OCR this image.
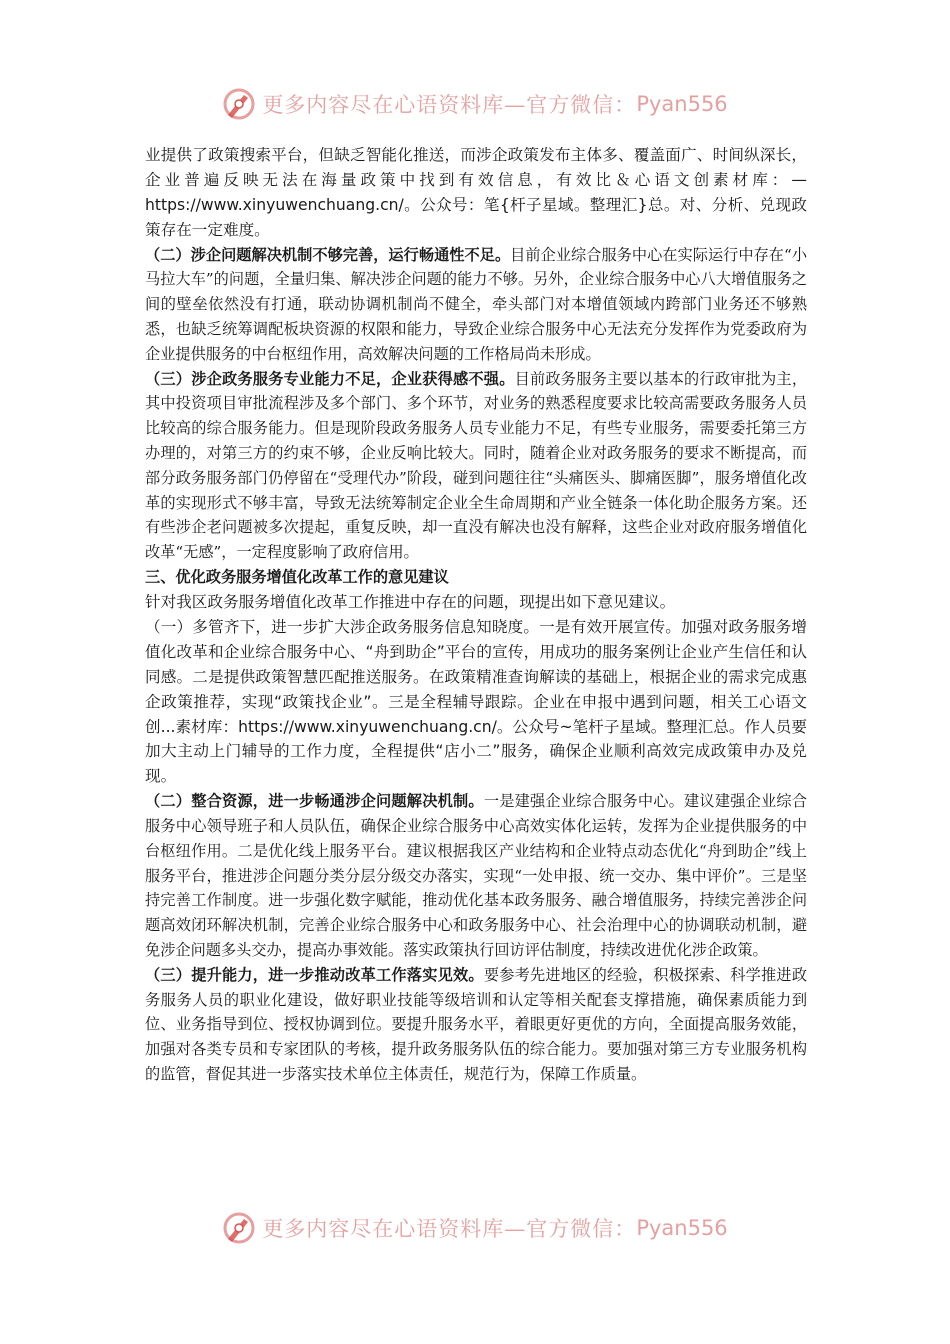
更多内容尽在心语资料库—官方微信： Pyan556

业提供了政策搜索平台，但缺乏智能化推送，而涉企政策发布主体多、覆盖面广、时间纵深长，企业普遍反映无法在海量政策中找到有效信息，有效比＆心语文创素材库：—https://www.xinyuwenchuang.cn/。公众号：笔{杆子星域。整理汇}总。对、分析、兑现政策存在一定难度。

（二）涉企问题解决机制不够完善，运行畅通性不足。目前企业综合服务中心在实际运行中存在“小马拉大车”的问题，全量归集、解决涉企问题的能力不够。另外，企业综合服务中心八大增值服务之间的壁垒依然没有打通，联动协调机制尚不健全，牵头部门对本增值领域内跨部门业务还不够熟悉，也缺乏统筹调配板块资源的权限和能力，导致企业综合服务中心无法充分发挥作为党委政府为企业提供服务的中台枢纽作用，高效解决问题的工作格局尚未形成。

（三）涉企政务服务专业能力不足，企业获得感不强。目前政务服务主要以基本的行政审批为主，其中投资项目审批流程涉及多个部门、多个环节，对业务的熟悉程度要求比较高需要政务服务人员比较高的综合服务能力。但是现阶段政务服务人员专业能力不足，有些专业服务，需要委托第三方办理的，对第三方的约束不够，企业反响比较大。同时，随着企业对政务服务的要求不断提高，而部分政务服务部门仍停留在“受理代办”阶段，碰到问题往往“头痛医头、脚痛医脚”，服务增值化改革的实现形式不够丰富，导致无法统筹制定企业全生命周期和产业全链条一体化助企服务方案。还有些涉企老问题被多次提起，重复反映，却一直没有解决也没有解释，这些企业对政府服务增值化改革“无感”，一定程度影响了政府信用。

三、优化政务服务增值化改革工作的意见建议

针对我区政务服务增值化改革工作推进中存在的问题，现提出如下意见建议。

（一）多管齐下，进一步扩大涉企政务服务信息知晓度。一是有效开展宣传。加强对政务服务增值化改革和企业综合服务中心、“舟到助企”平台的宣传，用成功的服务案例让企业产生信任和认同感。二是提供政策智慧匹配推送服务。在政策精准查询解读的基础上，根据企业的需求完成惠企政策推荐，实现“政策找企业”。三是全程辅导跟踪。企业在申报中遇到问题，相关工心语文创...素材库：https://www.xinyuwenchuang.cn/。公众号~笔杆子星域。整理汇总。作人员要加大主动上门辅导的工作力度，全程提供“店小二”服务，确保企业顺利高效完成政策申办及兑现。

（二）整合资源，进一步畅通涉企问题解决机制。一是建强企业综合服务中心。建议建强企业综合服务中心领导班子和人员队伍，确保企业综合服务中心高效实体化运转，发挥为企业提供服务的中台枢纽作用。二是优化线上服务平台。建议根据我区产业结构和企业特点动态优化“舟到助企”线上服务平台，推进涉企问题分类分层分级交办落实，实现“一处申报、统一交办、集中评价”。三是坚持完善工作制度。进一步强化数字赋能，推动优化基本政务服务、融合增值服务，持续完善涉企问题高效闭环解决机制，完善企业综合服务中心和政务服务中心、社会治理中心的协调联动机制，避免涉企问题多头交办，提高办事效能。落实政策执行回访评估制度，持续改进优化涉企政策。

（三）提升能力，进一步推动改革工作落实见效。要参考先进地区的经验，积极探索、科学推进政务服务人员的职业化建设，做好职业技能等级培训和认定等相关配套支撑措施，确保素质能力到位、业务指导到位、授权协调到位。要提升服务水平，着眼更好更优的方向，全面提高服务效能，加强对各类专员和专家团队的考核，提升政务服务队伍的综合能力。要加强对第三方专业服务机构的监管，督促其进一步落实技术单位主体责任，规范行为，保障工作质量。

更多内容尽在心语资料库—官方微信： Pyan556
